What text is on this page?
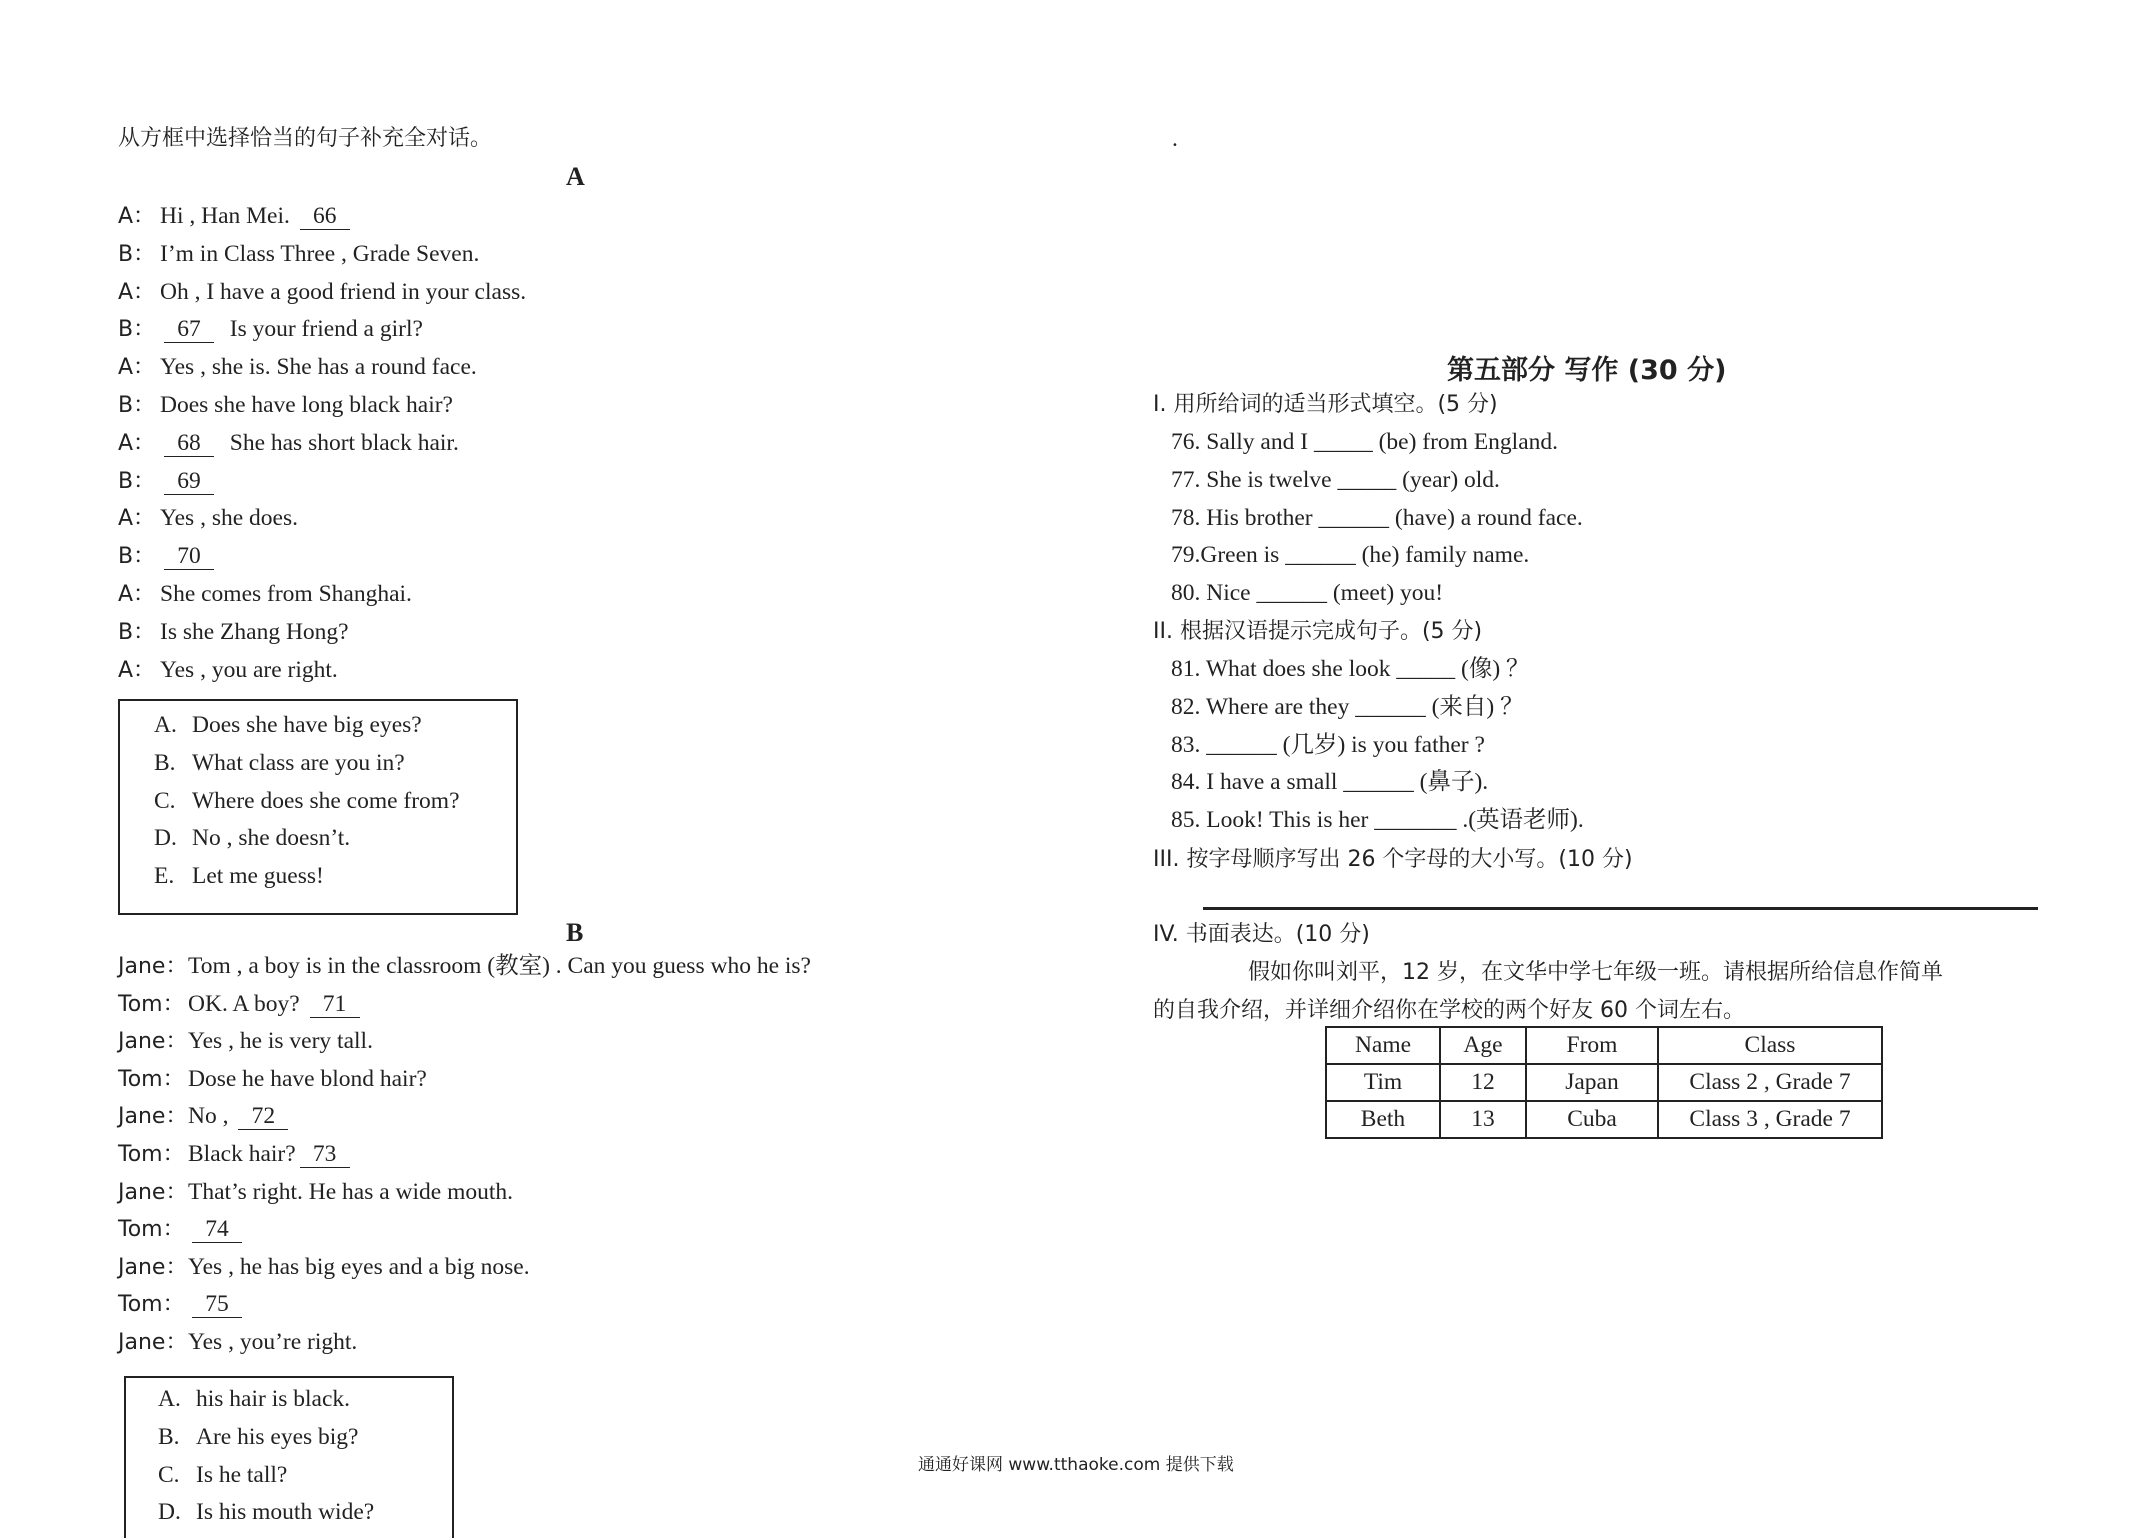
从方框中选择恰当的句子补充全对话。
A
A： Hi , Han Mei. 66
B： I’m in Class Three , Grade Seven.
A： Oh , I have a good friend in your class.
B： 67  Is your friend a girl?
A： Yes , she is. She has a round face.
B： Does she have long black hair?
A： 68  She has short black hair.
B： 69
A： Yes , she does.
B： 70
A： She comes from Shanghai.
B： Is she Zhang Hong?
A： Yes , you are right.
A. Does she have big eyes?
B. What class are you in?
C. Where does she come from?
D. No , she doesn’t.
E. Let me guess!
B
Jane：Tom , a boy is in the classroom (教室) . Can you guess who he is?
Tom： OK. A boy? 71
Jane：Yes , he is very tall.
Tom： Dose he have blond hair?
Jane：No , 72
Tom： Black hair? 73
Jane：That’s right. He has a wide mouth.
Tom： 74
Jane：Yes , he has big eyes and a big nose.
Tom： 75
Jane：Yes , you’re right.
A. his hair is black.
B. Are his eyes big?
C. Is he tall?
D. Is his mouth wide?
.
第五部分 写作 (30 分)
I. 用所给词的适当形式填空。(5 分)
76. Sally and I _____ (be) from England.
77. She is twelve _____ (year) old.
78. His brother ______ (have) a round face.
79.Green is ______ (he) family name.
80. Nice ______ (meet) you!
II. 根据汉语提示完成句子。(5 分)
81. What does she look _____ (像) ？
82. Where are they ______ (来自) ？
83. ______ (几岁) is you father ?
84. I have a small ______ (鼻子).
85. Look! This is her _______ .(英语老师).
III. 按字母顺序写出 26 个字母的大小写。(10 分)
IV. 书面表达。(10 分)
假如你叫刘平，12 岁，在文华中学七年级一班。请根据所给信息作简单
的自我介绍，并详细介绍你在学校的两个好友 60 个词左右。
Name	Age	From	Class
Tim	12	Japan	Class 2 , Grade 7
Beth	13	Cuba	Class 3 , Grade 7
通通好课网 www.tthaoke.com 提供下载
